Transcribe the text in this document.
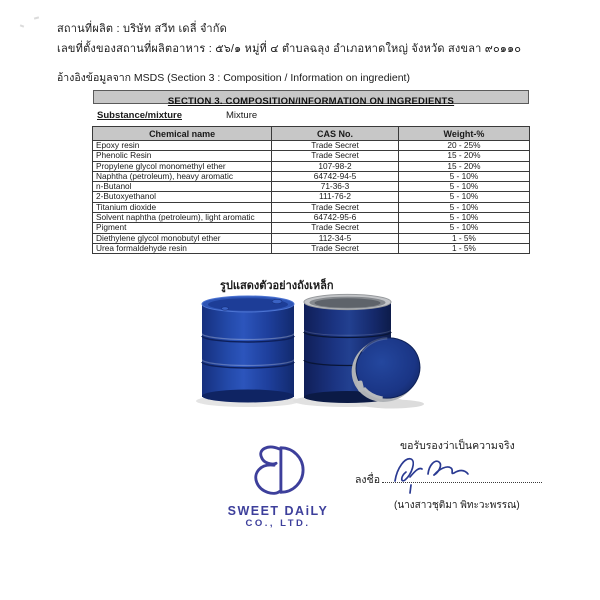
สถานที่ผลิต : บริษัท สวีท เดลี่ จำกัด
เลขที่ตั้งของสถานที่ผลิตอาหาร : ๕๖/๑ หมู่ที่ ๔ ตำบลฉลุง อำเภอหาดใหญ่ จังหวัด สงขลา ๙๐๑๑๐
อ้างอิงข้อมูลจาก MSDS (Section 3 : Composition / Information on ingredient)
SECTION 3. COMPOSITION/INFORMATION ON INGREDIENTS
Substance/mixture	Mixture
Chemical name	CAS No.	Weight-%
Epoxy resin	Trade Secret	20 - 25%
Phenolic Resin	Trade Secret	15 - 20%
Propylene glycol monomethyl ether	107-98-2	15 - 20%
Naphtha (petroleum), heavy aromatic	64742-94-5	5 - 10%
n-Butanol	71-36-3	5 - 10%
2-Butoxyethanol	111-76-2	5 - 10%
Titanium dioxide	Trade Secret	5 - 10%
Solvent naphtha (petroleum), light aromatic	64742-95-6	5 - 10%
Pigment	Trade Secret	5 - 10%
Diethylene glycol monobutyl ether	112-34-5	1 - 5%
Urea formaldehyde resin	Trade Secret	1 - 5%
รูปแสดงตัวอย่างถังเหล็ก
SWEET DAiLY
CO., LTD.
ขอรับรองว่าเป็นความจริง
ลงชื่อ
(นางสาวชุติมา พิทะวะพรรณ)
